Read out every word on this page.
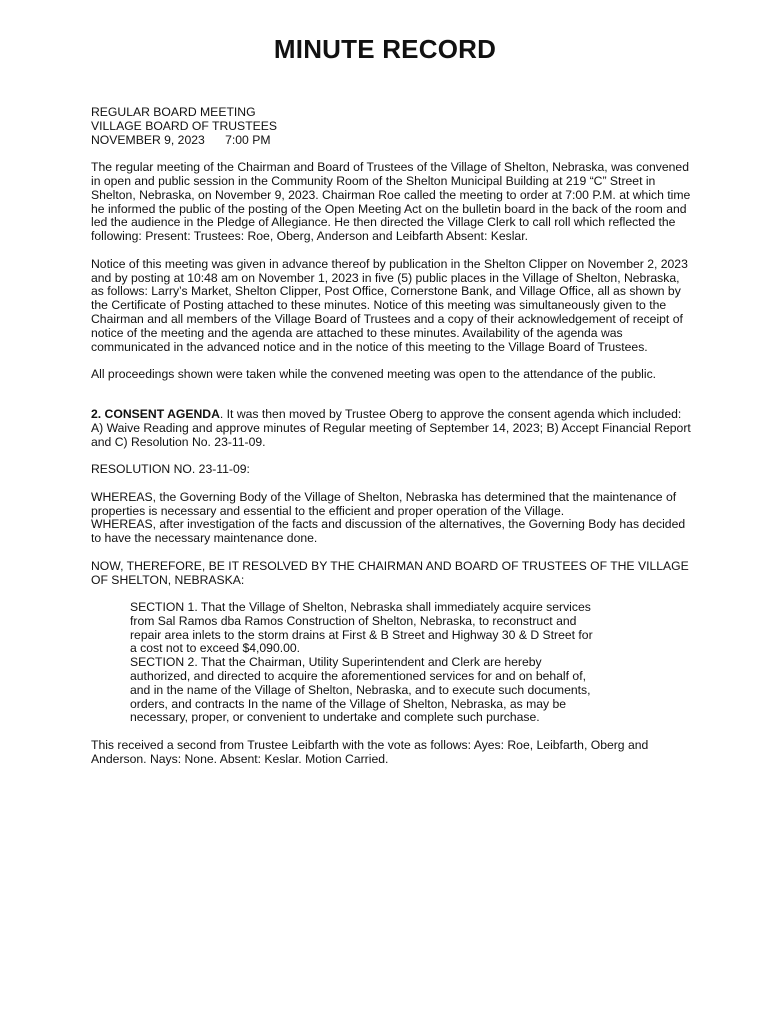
MINUTE RECORD

REGULAR BOARD MEETING

VILLAGE BOARD OF TRUSTEES

NOVEMBER 9, 2023      7:00 PM

The regular meeting of the Chairman and Board of Trustees of the Village of Shelton, Nebraska, was convened in open and public session in the Community Room of the Shelton Municipal Building at 219 “C” Street in Shelton, Nebraska, on November 9, 2023. Chairman Roe called the meeting to order at 7:00 P.M. at which time he informed the public of the posting of the Open Meeting Act on the bulletin board in the back of the room and led the audience in the Pledge of Allegiance. He then directed the Village Clerk to call roll which reflected the following: Present: Trustees: Roe, Oberg, Anderson and Leibfarth Absent: Keslar.

Notice of this meeting was given in advance thereof by publication in the Shelton Clipper on November 2, 2023 and by posting at 10:48 am on November 1, 2023 in five (5) public places in the Village of Shelton, Nebraska, as follows: Larry’s Market, Shelton Clipper, Post Office, Cornerstone Bank, and Village Office, all as shown by the Certificate of Posting attached to these minutes. Notice of this meeting was simultaneously given to the Chairman and all members of the Village Board of Trustees and a copy of their acknowledgement of receipt of notice of the meeting and the agenda are attached to these minutes. Availability of the agenda was communicated in the advanced notice and in the notice of this meeting to the Village Board of Trustees.

All proceedings shown were taken while the convened meeting was open to the attendance of the public.

2. CONSENT AGENDA. It was then moved by Trustee Oberg to approve the consent agenda which included: A) Waive Reading and approve minutes of Regular meeting of September 14, 2023; B) Accept Financial Report and C) Resolution No. 23-11-09.

RESOLUTION NO. 23-11-09:

WHEREAS, the Governing Body of the Village of Shelton, Nebraska has determined that the maintenance of properties is necessary and essential to the efficient and proper operation of the Village.

WHEREAS, after investigation of the facts and discussion of the alternatives, the Governing Body has decided to have the necessary maintenance done.

NOW, THEREFORE, BE IT RESOLVED BY THE CHAIRMAN AND BOARD OF TRUSTEES OF THE VILLAGE OF SHELTON, NEBRASKA:

SECTION 1. That the Village of Shelton, Nebraska shall immediately acquire services from Sal Ramos dba Ramos Construction of Shelton, Nebraska, to reconstruct and repair area inlets to the storm drains at First & B Street and Highway 30 & D Street for a cost not to exceed $4,090.00.

SECTION 2. That the Chairman, Utility Superintendent and Clerk are hereby authorized, and directed to acquire the aforementioned services for and on behalf of, and in the name of the Village of Shelton, Nebraska, and to execute such documents, orders, and contracts In the name of the Village of Shelton, Nebraska, as may be necessary, proper, or convenient to undertake and complete such purchase.

This received a second from Trustee Leibfarth with the vote as follows: Ayes: Roe, Leibfarth, Oberg and Anderson. Nays: None. Absent: Keslar. Motion Carried.
